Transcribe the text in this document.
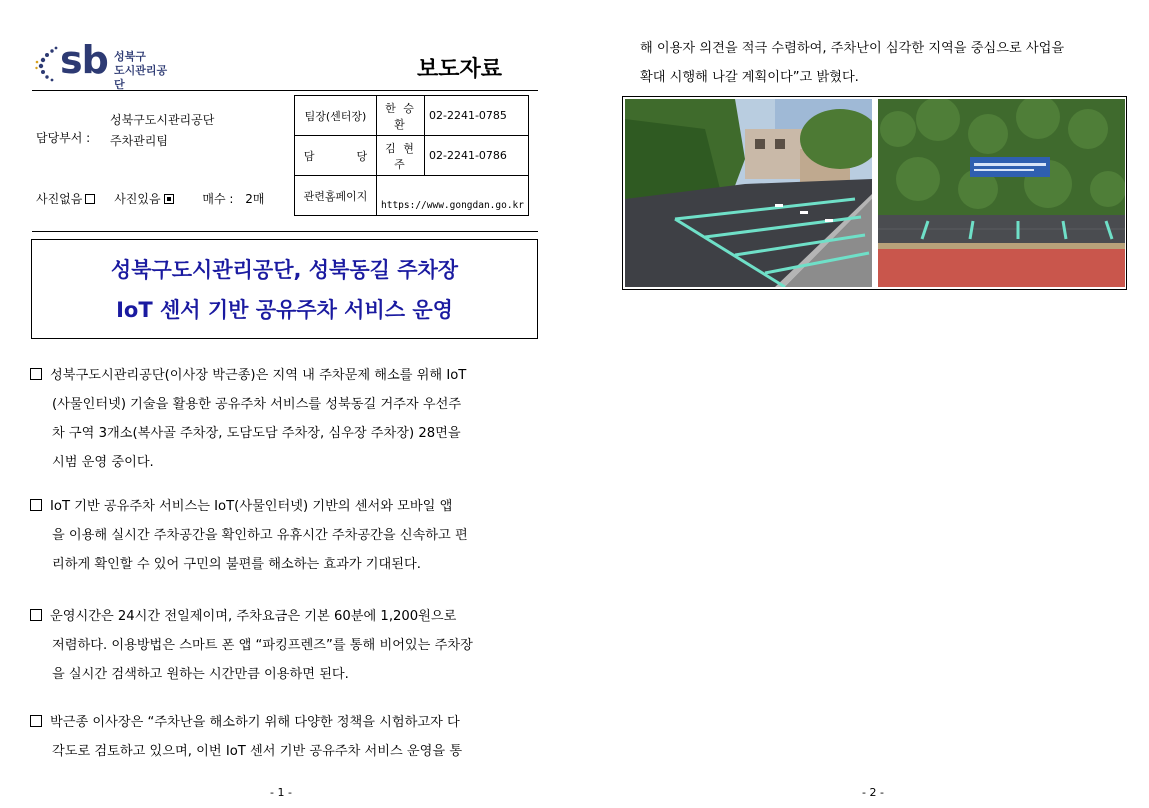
sb 성북구
도시관리공단
보도자료
성북구도시관리공단
담당부서 : 주차관리팀
사진없음	사진있음	매수 : 2매
팀장(센터장)	한 승 환	02-2241-0785
담            당	김 현 주	02-2241-0786
관련홈페이지	https://www.gongdan.go.kr	
성북구도시관리공단, 성북동길 주차장
IoT 센서 기반 공유주차 서비스 운영
성북구도시관리공단(이사장 박근종)은 지역 내 주차문제 해소를 위해 IoT
(사물인터넷) 기술을 활용한 공유주차 서비스를 성북동길 거주자 우선주
차 구역 3개소(복사골 주차장, 도담도담 주차장, 심우장 주차장) 28면을
시범 운영 중이다.
IoT 기반 공유주차 서비스는 IoT(사물인터넷) 기반의 센서와 모바일 앱
을 이용해 실시간 주차공간을 확인하고 유휴시간 주차공간을 신속하고 편
리하게 확인할 수 있어 구민의 불편를 해소하는 효과가 기대된다.
운영시간은 24시간 전일제이며, 주차요금은 기본 60분에 1,200원으로
저렴하다. 이용방법은 스마트 폰 앱 “파킹프렌즈”를 통해 비어있는 주차장
을 실시간 검색하고 원하는 시간만큼 이용하면 된다.
박근종 이사장은 “주차난을 해소하기 위해 다양한 정책을 시험하고자 다
각도로 검토하고 있으며, 이번 IoT 센서 기반 공유주차 서비스 운영을 통
- 1 -
해 이용자 의견을 적극 수렴하여, 주차난이 심각한 지역을 중심으로 사업을
확대 시행해 나갈 계획이다”고 밝혔다.
- 2 -
